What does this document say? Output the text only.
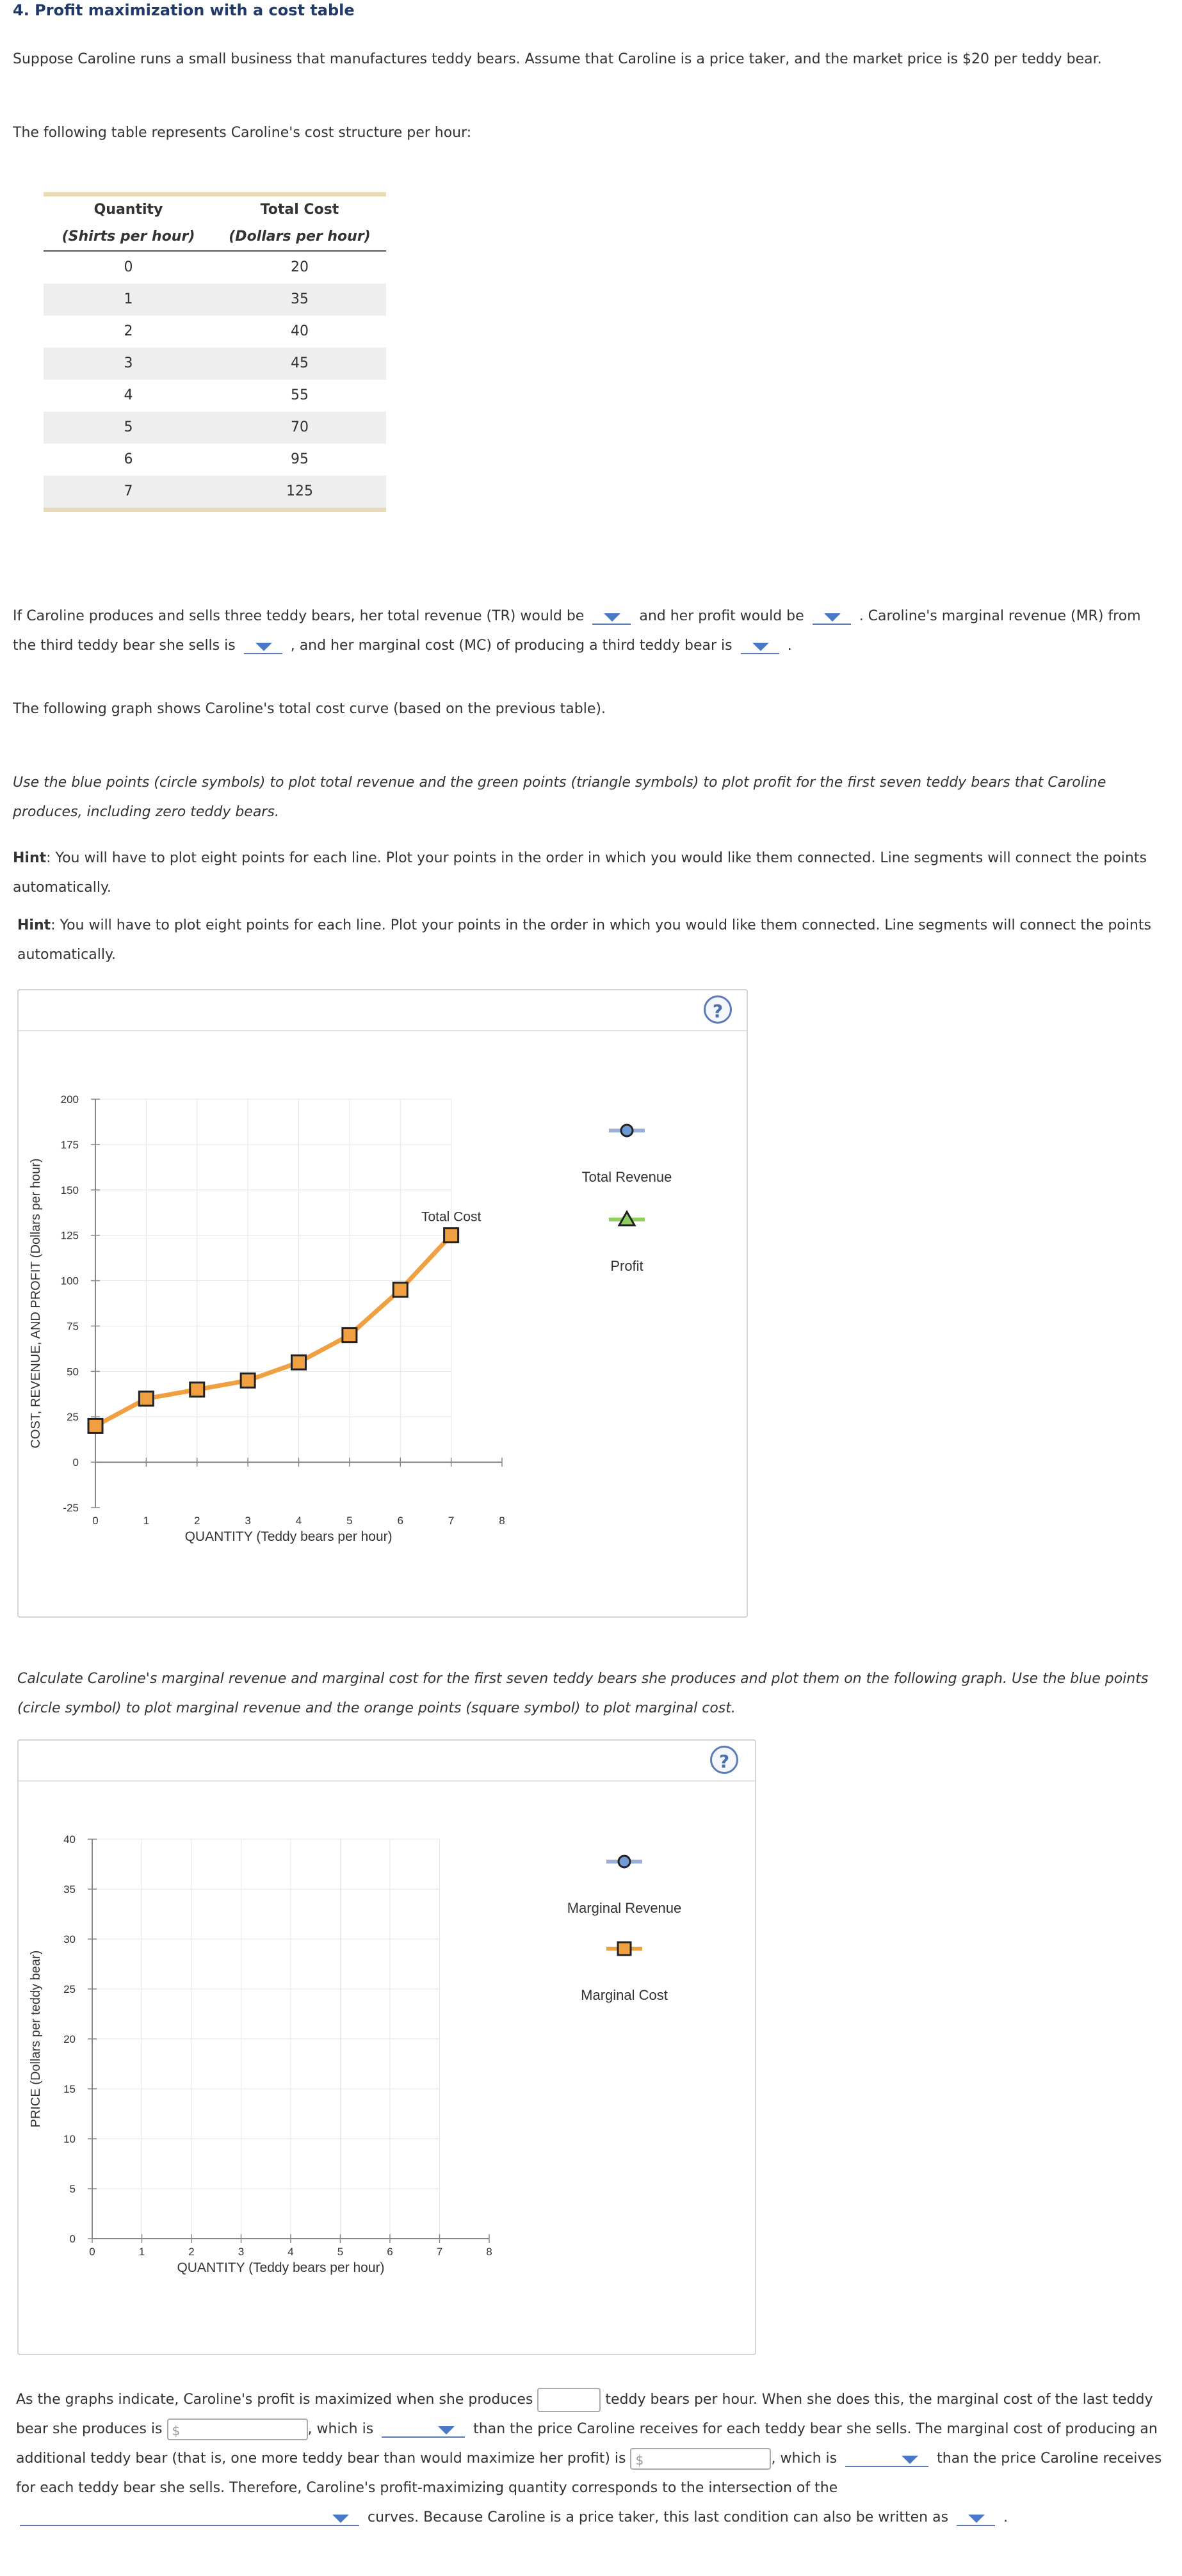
4. Profit maximization with a cost table

Suppose Caroline runs a small business that manufactures teddy bears. Assume that Caroline is a price taker, and the market price is $20 per teddy bear.

The following table represents Caroline's cost structure per hour:

Quantity	Total Cost
(Shirts per hour)	(Dollars per hour)
0	20
1	35
2	40
3	45
4	55
5	70
6	95
7	125

If Caroline produces and sells three teddy bears, her total revenue (TR) would be	and her profit would be	. Caroline's marginal revenue (MR) from the third teddy bear she sells is	, and her marginal cost (MC) of producing a third teddy bear is	.

The following graph shows Caroline's total cost curve (based on the previous table).

Use the blue points (circle symbols) to plot total revenue and the green points (triangle symbols) to plot profit for the first seven teddy bears that Caroline produces, including zero teddy bears.

Hint: You will have to plot eight points for each line. Plot your points in the order in which you would like them connected. Line segments will connect the points automatically.

Hint: You will have to plot eight points for each line. Plot your points in the order in which you would like them connected. Line segments will connect the points automatically.

?
-25
0
25
50
75
100
125
150
175
200
0	1	2	3	4	5	6	7	8
COST, REVENUE, AND PROFIT (Dollars per hour)
QUANTITY (Teddy bears per hour)
Total Cost
Total Revenue
Profit

Calculate Caroline's marginal revenue and marginal cost for the first seven teddy bears she produces and plot them on the following graph. Use the blue points (circle symbol) to plot marginal revenue and the orange points (square symbol) to plot marginal cost.

?
0
5
10
15
20
25
30
35
40
0	1	2	3	4	5	6	7	8
PRICE (Dollars per teddy bear)
QUANTITY (Teddy bears per hour)
Marginal Revenue
Marginal Cost

As the graphs indicate, Caroline's profit is maximized when she produces	teddy bears per hour. When she does this, the marginal cost of the last teddy bear she produces is $	, which is	than the price Caroline receives for each teddy bear she sells. The marginal cost of producing an additional teddy bear (that is, one more teddy bear than would maximize her profit) is $	, which is	than the price Caroline receives for each teddy bear she sells. Therefore, Caroline's profit-maximizing quantity corresponds to the intersection of the  curves. Because Caroline is a price taker, this last condition can also be written as	.
